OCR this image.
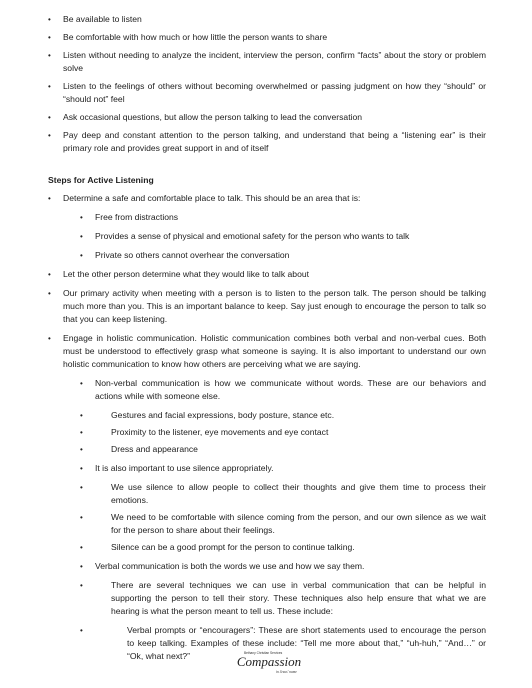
• Be available to listen
• Be comfortable with how much or how little the person wants to share
• Listen without needing to analyze the incident, interview the person, confirm “facts” about the story or problem solve
• Listen to the feelings of others without becoming overwhelmed or passing judgment on how they “should” or “should not” feel
• Ask occasional questions, but allow the person talking to lead the conversation
• Pay deep and constant attention to the person talking, and understand that being a “listening ear” is their primary role and provides great support in and of itself
Steps for Active Listening
• Determine a safe and comfortable place to talk. This should be an area that is:
• Free from distractions
• Provides a sense of physical and emotional safety for the person who wants to talk
• Private so others cannot overhear the conversation
• Let the other person determine what they would like to talk about
• Our primary activity when meeting with a person is to listen to the person talk. The person should be talking much more than you. This is an important balance to keep. Say just enough to encourage the person to talk so that you can keep listening.
• Engage in holistic communication. Holistic communication combines both verbal and non-verbal cues. Both must be understood to effectively grasp what someone is saying. It is also important to understand our own holistic communication to know how others are perceiving what we are saying.
• Non-verbal communication is how we communicate without words. These are our behaviors and actions while with someone else.
• Gestures and facial expressions, body posture, stance etc.
• Proximity to the listener, eye movements and eye contact
• Dress and appearance
• It is also important to use silence appropriately.
• We use silence to allow people to collect their thoughts and give them time to process their emotions.
• We need to be comfortable with silence coming from the person, and our own silence as we wait for the person to share about their feelings.
• Silence can be a good prompt for the person to continue talking.
• Verbal communication is both the words we use and how we say them.
• There are several techniques we can use in verbal communication that can be helpful in supporting the person to tell their story. These techniques also help ensure that what we are hearing is what the person meant to tell us. These include:
• Verbal prompts or “encouragers”: These are short statements used to encourage the person to keep talking. Examples of these include: “Tell me more about that,” “uh-huh,” “And…” or “Ok, what next?”	Bethany Christian Services
Compassion
in Jesus' name
